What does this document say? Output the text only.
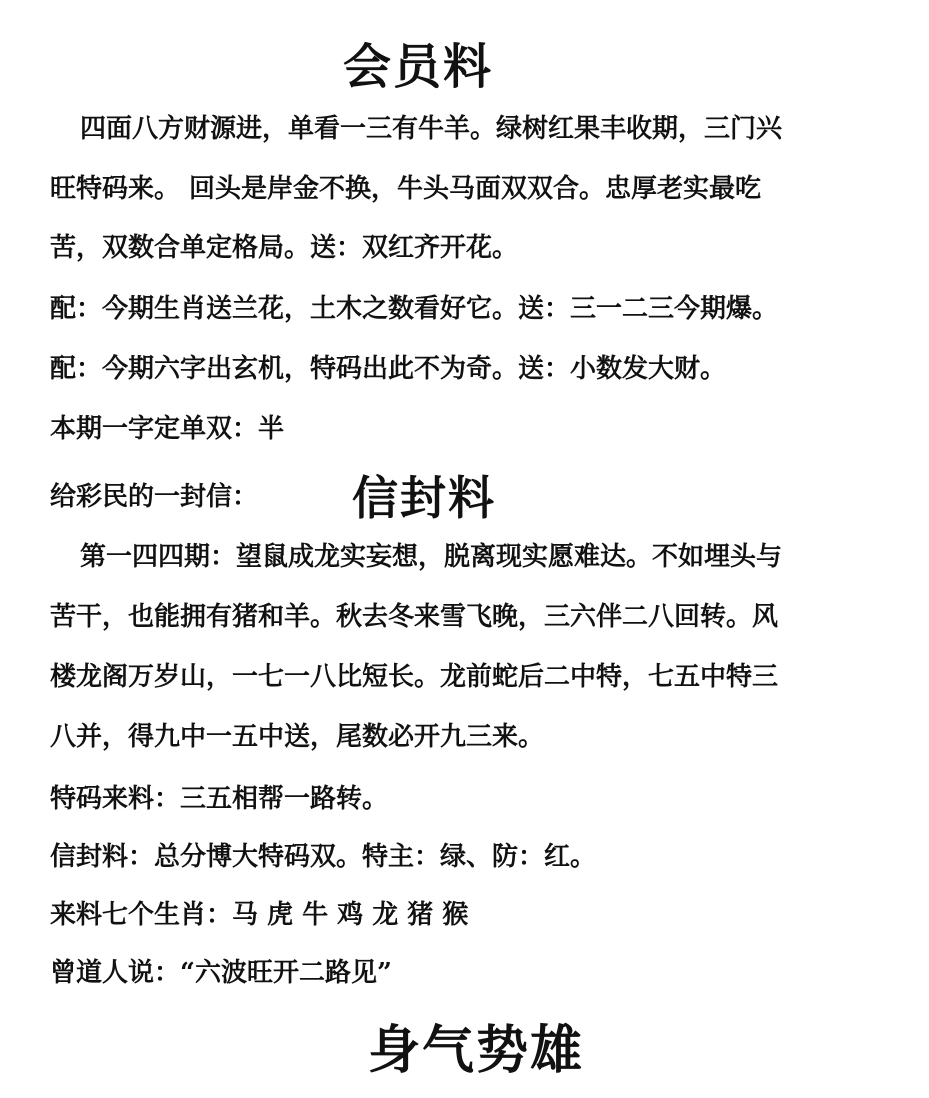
会员料
四面八方财源进，单看一三有牛羊。绿树红果丰收期，三门兴
旺特码来。 回头是岸金不换，牛头马面双双合。忠厚老实最吃
苦，双数合单定格局。送：双红齐开花。
配：今期生肖送兰花，土木之数看好它。送：三一二三今期爆。
配：今期六字出玄机，特码出此不为奇。送：小数发大财。
本期一字定单双：半
给彩民的一封信： 信封料
第一四四期：望鼠成龙实妄想，脱离现实愿难达。不如埋头与
苦干，也能拥有猪和羊。秋去冬来雪飞晚，三六伴二八回转。风
楼龙阁万岁山，一七一八比短长。龙前蛇后二中特，七五中特三
八并，得九中一五中送，尾数必开九三来。
特码来料：三五相帮一路转。
信封料：总分博大特码双。特主：绿、防：红。
来料七个生肖：马 虎 牛 鸡 龙 猪 猴
曾道人说：“六波旺开二路见”
身气势雄
